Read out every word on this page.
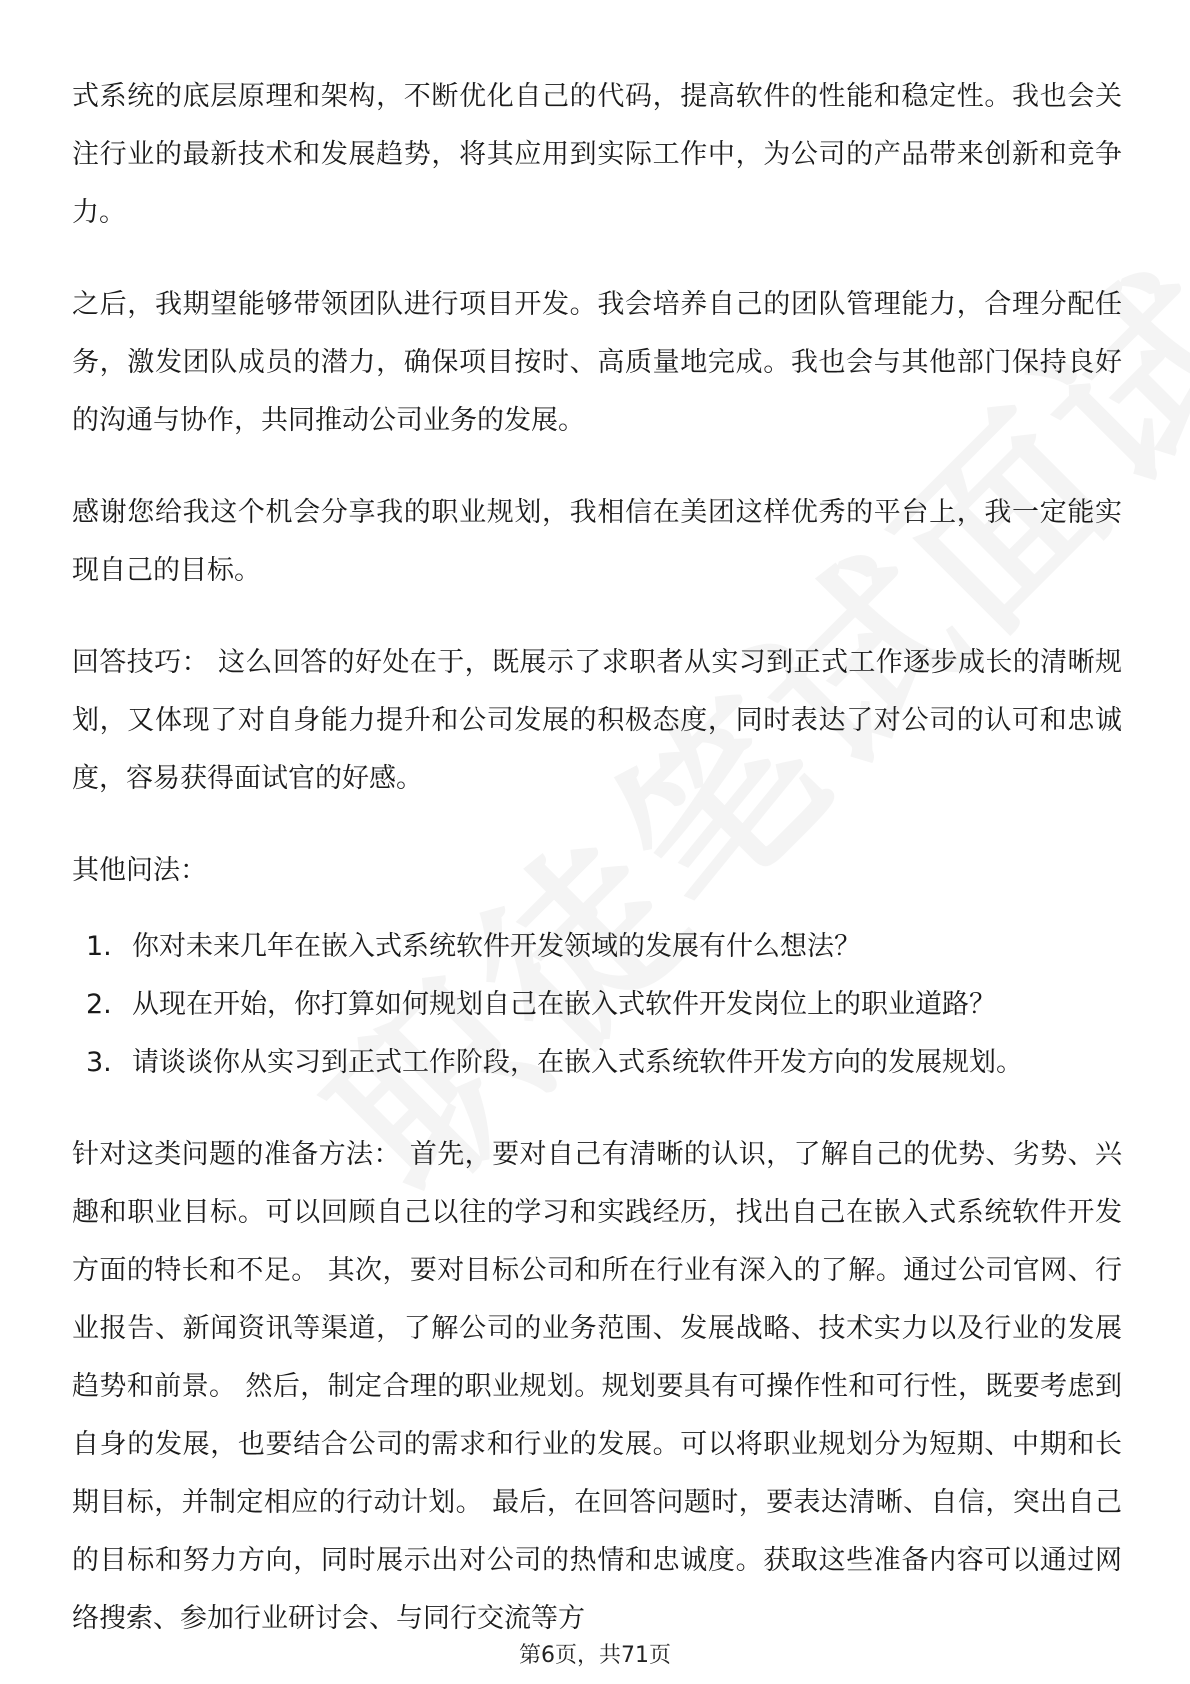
式系统的底层原理和架构，不断优化自己的代码，提高软件的性能和稳定性。我也会关注行业的最新技术和发展趋势，将其应用到实际工作中，为公司的产品带来创新和竞争力。

之后，我期望能够带领团队进行项目开发。我会培养自己的团队管理能力，合理分配任务，激发团队成员的潜力，确保项目按时、高质量地完成。我也会与其他部门保持良好的沟通与协作，共同推动公司业务的发展。

感谢您给我这个机会分享我的职业规划，我相信在美团这样优秀的平台上，我一定能实现自己的目标。

回答技巧： 这么回答的好处在于，既展示了求职者从实习到正式工作逐步成长的清晰规划，又体现了对自身能力提升和公司发展的积极态度，同时表达了对公司的认可和忠诚度，容易获得面试官的好感。

其他问法：

1. 你对未来几年在嵌入式系统软件开发领域的发展有什么想法？
2. 从现在开始，你打算如何规划自己在嵌入式软件开发岗位上的职业道路？
3. 请谈谈你从实习到正式工作阶段，在嵌入式系统软件开发方向的发展规划。

针对这类问题的准备方法： 首先，要对自己有清晰的认识，了解自己的优势、劣势、兴趣和职业目标。可以回顾自己以往的学习和实践经历，找出自己在嵌入式系统软件开发方面的特长和不足。 其次，要对目标公司和所在行业有深入的了解。通过公司官网、行业报告、新闻资讯等渠道，了解公司的业务范围、发展战略、技术实力以及行业的发展趋势和前景。 然后，制定合理的职业规划。规划要具有可操作性和可行性，既要考虑到自身的发展，也要结合公司的需求和行业的发展。可以将职业规划分为短期、中期和长期目标，并制定相应的行动计划。 最后，在回答问题时，要表达清晰、自信，突出自己的目标和努力方向，同时展示出对公司的热情和忠诚度。获取这些准备内容可以通过网络搜索、参加行业研讨会、与同行交流等方

第6页，共71页
